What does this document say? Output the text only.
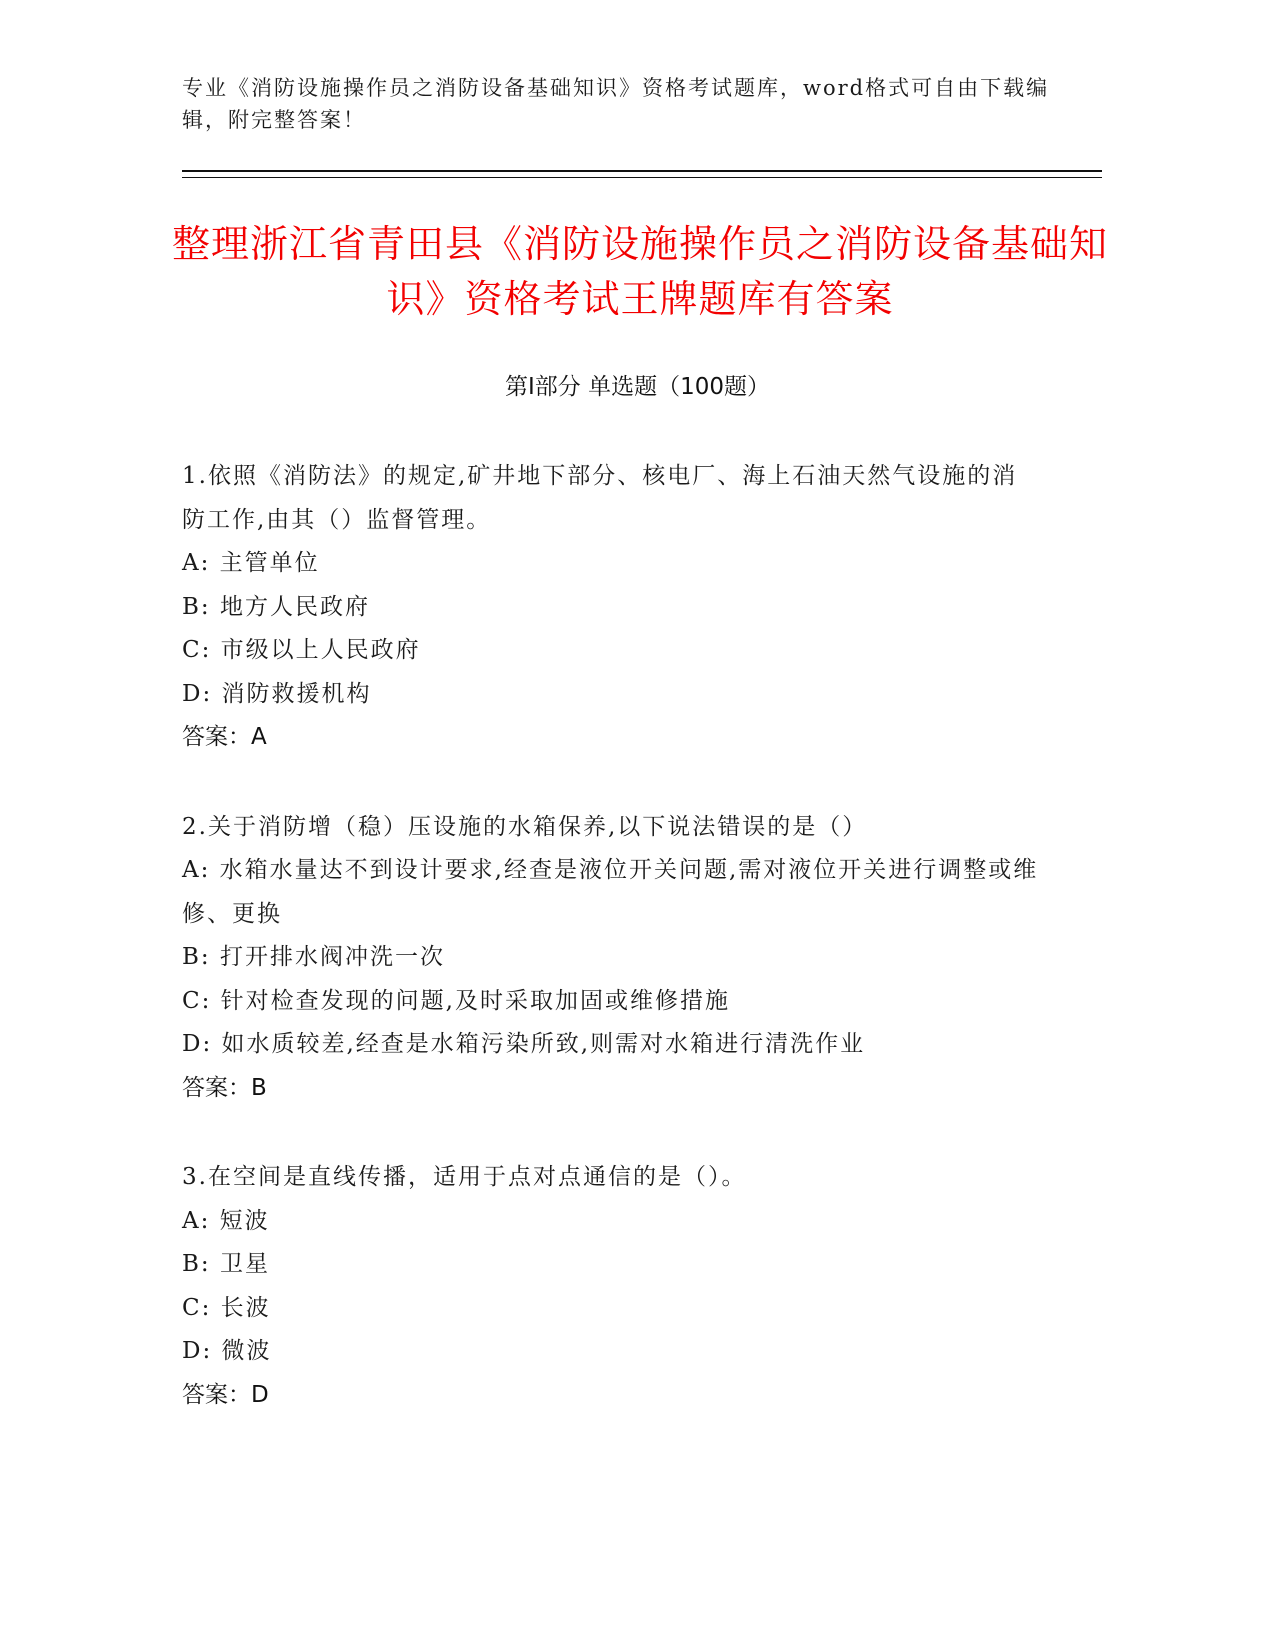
专业《消防设施操作员之消防设备基础知识》资格考试题库，word格式可自由下载编辑，附完整答案！
整理浙江省青田县《消防设施操作员之消防设备基础知识》资格考试王牌题库有答案
第Ⅰ部分 单选题（100题）
1.依照《消防法》的规定,矿井地下部分、核电厂、海上石油天然气设施的消防工作,由其（）监督管理。
A: 主管单位
B: 地方人民政府
C: 市级以上人民政府
D: 消防救援机构
答案：A
2.关于消防增（稳）压设施的水箱保养,以下说法错误的是（）
A: 水箱水量达不到设计要求,经查是液位开关问题,需对液位开关进行调整或维修、更换
B: 打开排水阀冲洗一次
C: 针对检查发现的问题,及时采取加固或维修措施
D: 如水质较差,经查是水箱污染所致,则需对水箱进行清洗作业
答案：B
3.在空间是直线传播，适用于点对点通信的是（）。
A: 短波
B: 卫星
C: 长波
D: 微波
答案：D
